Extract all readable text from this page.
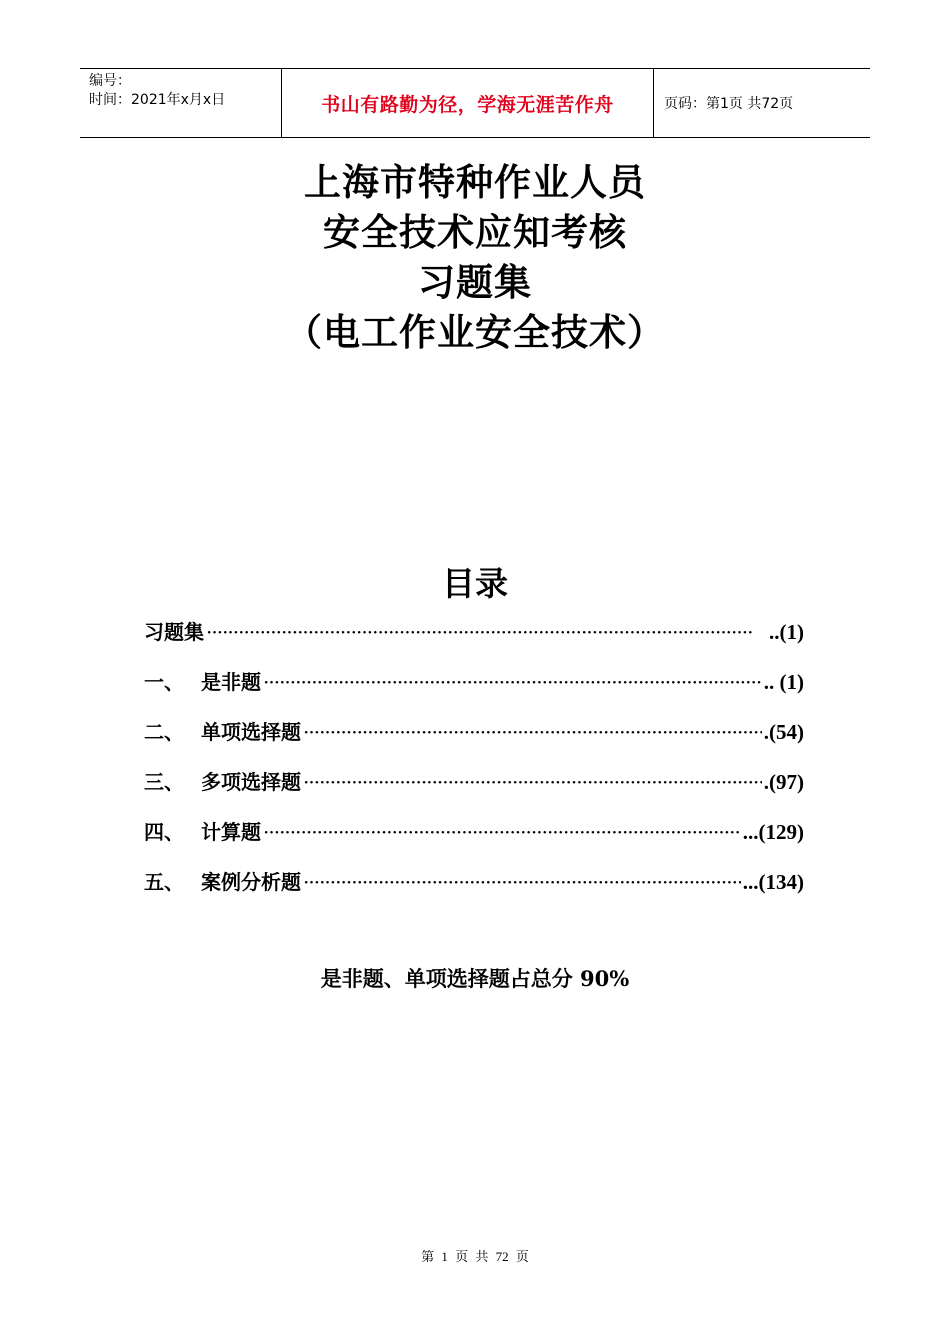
编号：
时间：2021年x月x日	书山有路勤为径，学海无涯苦作舟	页码：第1页 共72页
上海市特种作业人员
安全技术应知考核
习题集
（电工作业安全技术）
目录
习题集 ·····	..(1)
一、 是非题 ·····	.. (1)
二、 单项选择题 ·····	.(54)
三、 多项选择题 ·····	.(97)
四、 计算题 ·····	...(129)
五、 案例分析题 ·····	...(134)
是非题、单项选择题占总分 90%
第 1 页 共 72 页
